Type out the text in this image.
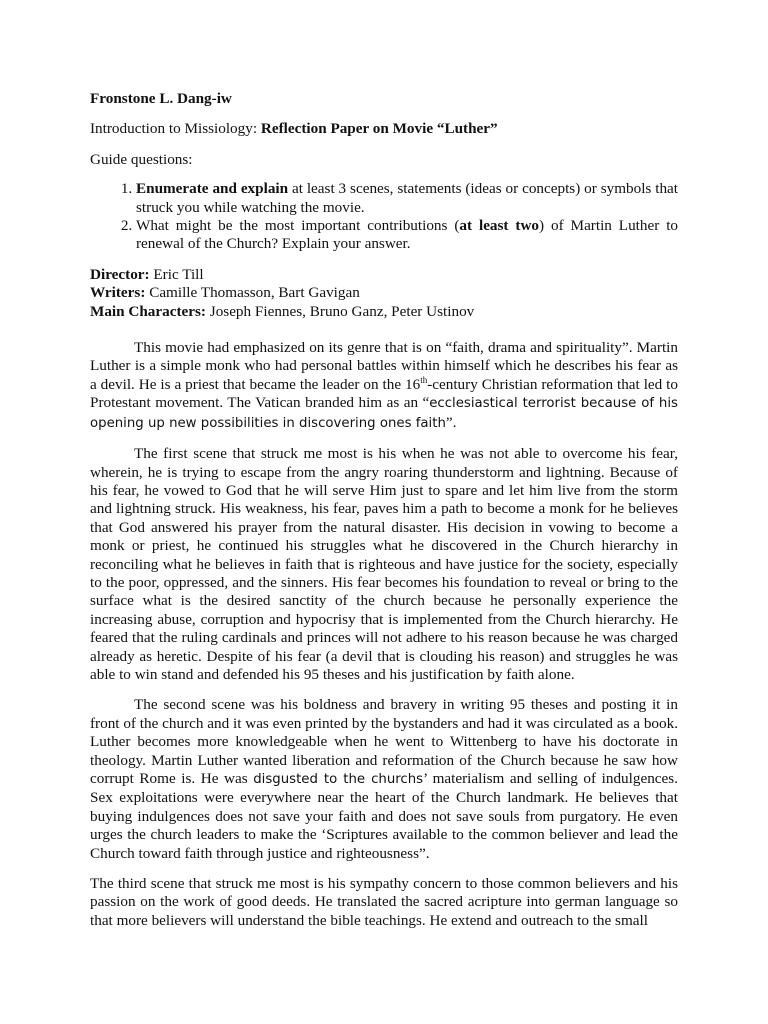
Fronstone L. Dang-iw

Introduction to Missiology: Reflection Paper on Movie “Luther”

Guide questions:

1. Enumerate and explain at least 3 scenes, statements (ideas or concepts) or symbols that struck you while watching the movie.
2. What might be the most important contributions (at least two) of Martin Luther to renewal of the Church? Explain your answer.
Director: Eric Till
Writers: Camille Thomasson, Bart Gavigan
Main Characters: Joseph Fiennes, Bruno Ganz, Peter Ustinov

This movie had emphasized on its genre that is on “faith, drama and spirituality”. Martin Luther is a simple monk who had personal battles within himself which he describes his fear as a devil. He is a priest that became the leader on the 16th-century Christian reformation that led to Protestant movement. The Vatican branded him as an “ecclesiastical terrorist because of his opening up new possibilities in discovering ones faith”.

The first scene that struck me most is his when he was not able to overcome his fear, wherein, he is trying to escape from the angry roaring thunderstorm and lightning. Because of his fear, he vowed to God that he will serve Him just to spare and let him live from the storm and lightning struck. His weakness, his fear, paves him a path to become a monk for he believes that God answered his prayer from the natural disaster. His decision in vowing to become a monk or priest, he continued his struggles what he discovered in the Church hierarchy in reconciling what he believes in faith that is righteous and have justice for the society, especially to the poor, oppressed, and the sinners. His fear becomes his foundation to reveal or bring to the surface what is the desired sanctity of the church because he personally experience the increasing abuse, corruption and hypocrisy that is implemented from the Church hierarchy. He feared that the ruling cardinals and princes will not adhere to his reason because he was charged already as heretic. Despite of his fear (a devil that is clouding his reason) and struggles he was able to win stand and defended his 95 theses and his justification by faith alone.

The second scene was his boldness and bravery in writing 95 theses and posting it in front of the church and it was even printed by the bystanders and had it was circulated as a book. Luther becomes more knowledgeable when he went to Wittenberg to have his doctorate in theology. Martin Luther wanted liberation and reformation of the Church because he saw how corrupt Rome is. He was disgusted to the churchs’ materialism and selling of indulgences. Sex exploitations were everywhere near the heart of the Church landmark. He believes that buying indulgences does not save your faith and does not save souls from purgatory. He even urges the church leaders to make the ‘Scriptures available to the common believer and lead the Church toward faith through justice and righteousness”.

The third scene that struck me most is his sympathy concern to those common believers and his passion on the work of good deeds. He translated the sacred acripture into german language so that more believers will understand the bible teachings. He extend and outreach to the small
